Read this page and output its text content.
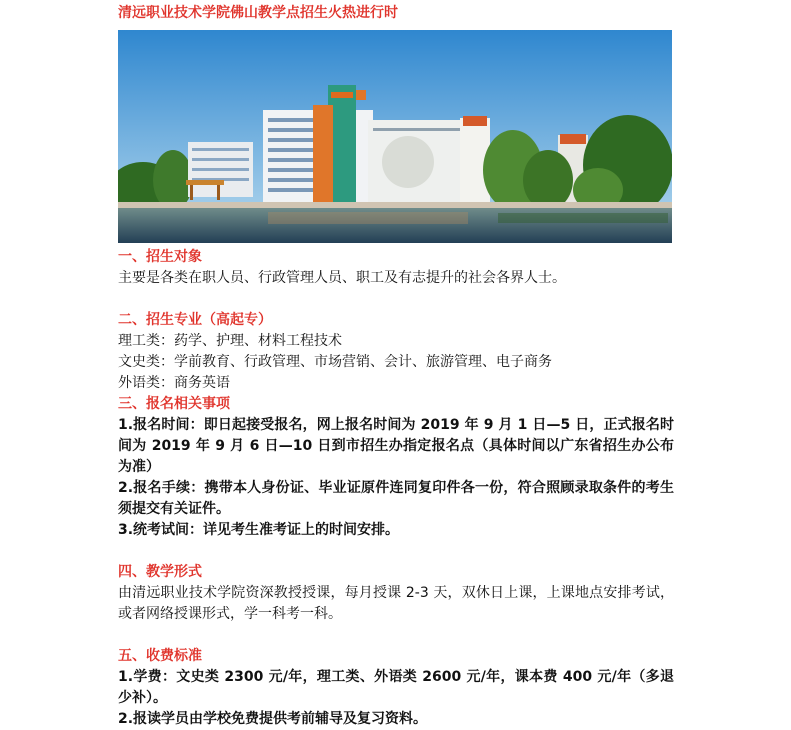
清远职业技术学院佛山教学点招生火热进行时

一、招生对象

主要是各类在职人员、行政管理人员、职工及有志提升的社会各界人士。

二、招生专业（高起专）

理工类：药学、护理、材料工程技术

文史类：学前教育、行政管理、市场营销、会计、旅游管理、电子商务

外语类：商务英语

三、报名相关事项

1.报名时间：即日起接受报名，网上报名时间为 2019 年 9 月 1 日—5 日，正式报名时间为 2019 年 9 月 6 日—10 日到市招生办指定报名点（具体时间以广东省招生办公布为准）

2.报名手续：携带本人身份证、毕业证原件连同复印件各一份，符合照顾录取条件的考生须提交有关证件。

3.统考试间：详见考生准考证上的时间安排。

四、教学形式

由清远职业技术学院资深教授授课，每月授课 2-3 天，双休日上课，上课地点安排考试，或者网络授课形式，学一科考一科。

五、收费标准

1.学费：文史类 2300 元/年，理工类、外语类 2600 元/年，课本费 400 元/年（多退少补）。

2.报读学员由学校免费提供考前辅导及复习资料。
